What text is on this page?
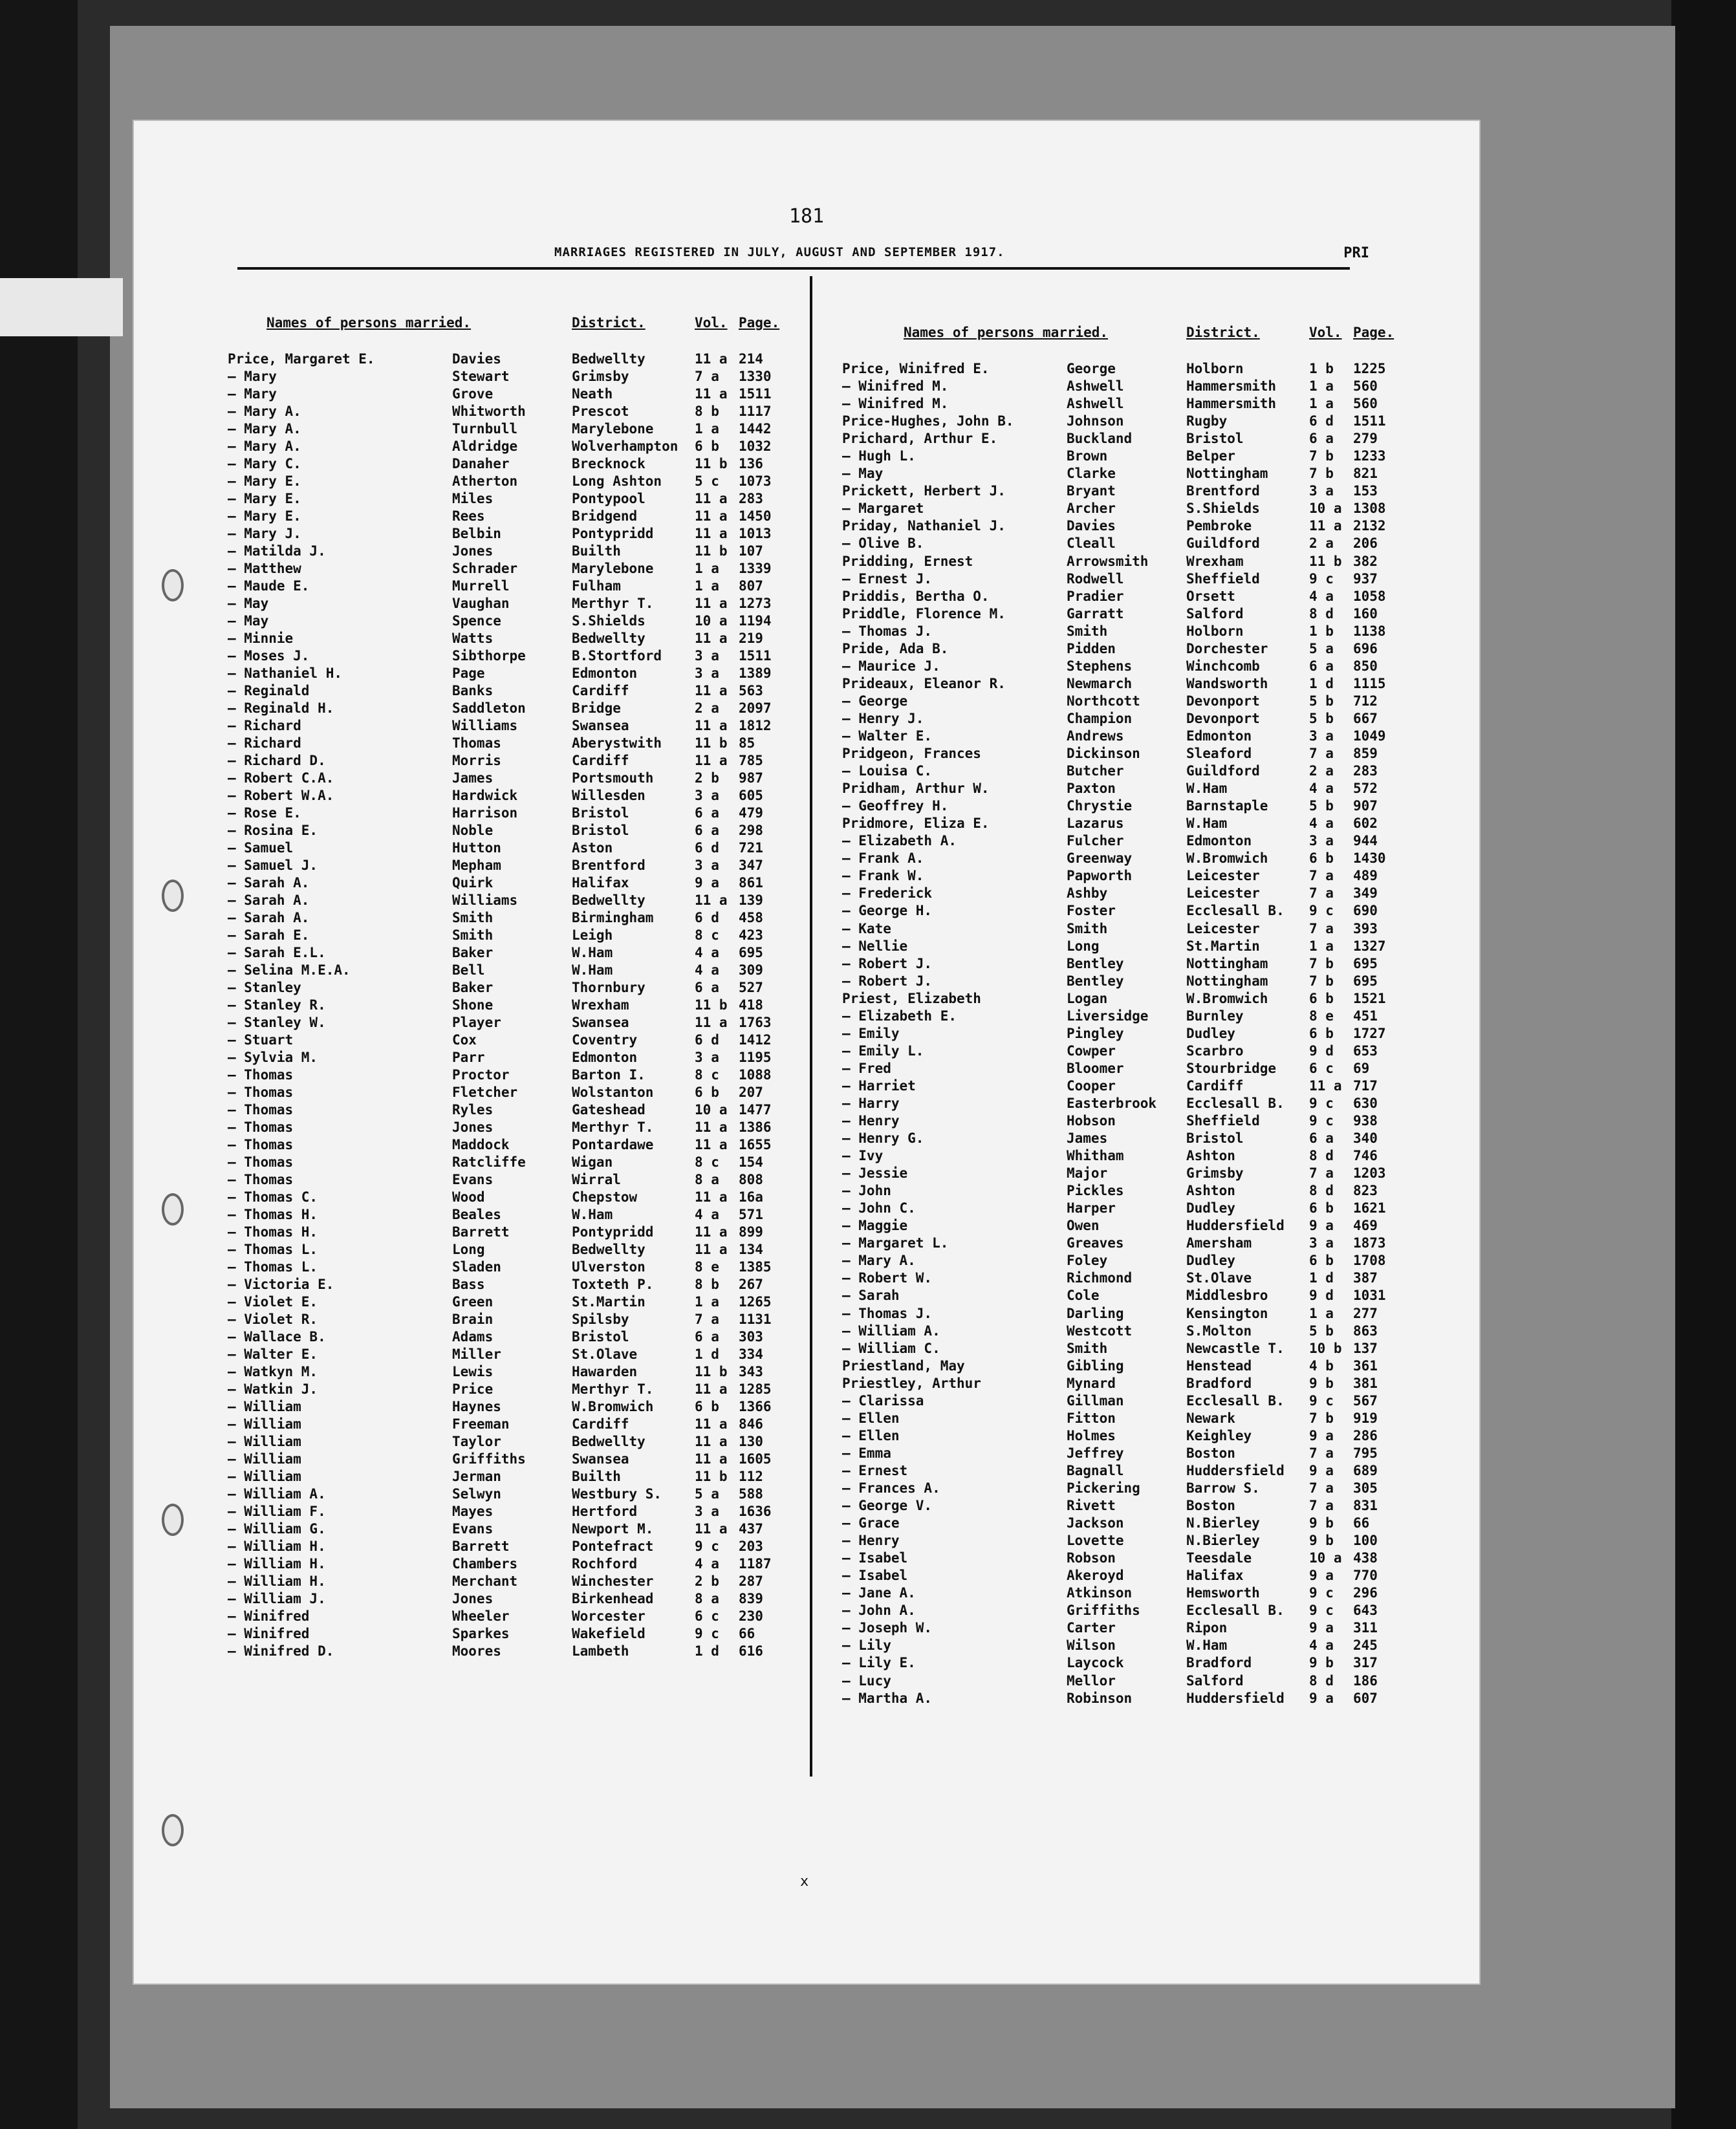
181
MARRIAGES REGISTERED IN JULY, AUGUST AND SEPTEMBER 1917.	PRI
Names of persons married.	District.	Vol. Page.
Price, Margaret E.	Davies	Bedwellty	11 a 214
— Mary	Stewart	Grimsby	7 a 1330
— Mary	Grove	Neath	11 a 1511
— Mary A.	Whitworth	Prescot	8 b 1117
— Mary A.	Turnbull	Marylebone	1 a 1442
— Mary A.	Aldridge	Wolverhampton 6 b 1032
— Mary C.	Danaher	Brecknock	11 b 136
— Mary E.	Atherton	Long Ashton 5 c 1073
— Mary E.	Miles	Pontypool	11 a 283
— Mary E.	Rees	Bridgend	11 a 1450
— Mary J.	Belbin	Pontypridd	11 a 1013
— Matilda J.	Jones	Builth	11 b 107
— Matthew	Schrader	Marylebone	1 a 1339
— Maude E.	Murrell	Fulham	1 a 807
— May	Vaughan	Merthyr T.	11 a 1273
— May	Spence	S.Shields	10 a 1194
— Minnie	Watts	Bedwellty	11 a 219
— Moses J.	Sibthorpe	B.Stortford 3 a 1511
— Nathaniel H.	Page	Edmonton	3 a 1389
— Reginald	Banks	Cardiff	11 a 563
— Reginald H.	Saddleton	Bridge	2 a 2097
— Richard	Williams	Swansea	11 a 1812
— Richard	Thomas	Aberystwith 11 b 85
— Richard D.	Morris	Cardiff	11 a 785
— Robert C.A.	James	Portsmouth	2 b 987
— Robert W.A.	Hardwick	Willesden	3 a 605
— Rose E.	Harrison	Bristol	6 a 479
— Rosina E.	Noble	Bristol	6 a 298
— Samuel	Hutton	Aston	6 d 721
— Samuel J.	Mepham	Brentford	3 a 347
— Sarah A.	Quirk	Halifax	9 a 861
— Sarah A.	Williams	Bedwellty	11 a 139
— Sarah A.	Smith	Birmingham	6 d 458
— Sarah E.	Smith	Leigh	8 c 423
— Sarah E.L.	Baker	W.Ham	4 a 695
— Selina M.E.A.	Bell	W.Ham	4 a 309
— Stanley	Baker	Thornbury	6 a 527
— Stanley R.	Shone	Wrexham	11 b 418
— Stanley W.	Player	Swansea	11 a 1763
— Stuart	Cox	Coventry	6 d 1412
— Sylvia M.	Parr	Edmonton	3 a 1195
— Thomas	Proctor	Barton I.	8 c 1088
— Thomas	Fletcher	Wolstanton	6 b 207
— Thomas	Ryles	Gateshead	10 a 1477
— Thomas	Jones	Merthyr T.	11 a 1386
— Thomas	Maddock	Pontardawe	11 a 1655
— Thomas	Ratcliffe	Wigan	8 c 154
— Thomas	Evans	Wirral	8 a 808
— Thomas C.	Wood	Chepstow	11 a 16a
— Thomas H.	Beales	W.Ham	4 a 571
— Thomas H.	Barrett	Pontypridd	11 a 899
— Thomas L.	Long	Bedwellty	11 a 134
— Thomas L.	Sladen	Ulverston	8 e 1385
— Victoria E.	Bass	Toxteth P.	8 b 267
— Violet E.	Green	St.Martin	1 a 1265
— Violet R.	Brain	Spilsby	7 a 1131
— Wallace B.	Adams	Bristol	6 a 303
— Walter E.	Miller	St.Olave	1 d 334
— Watkyn M.	Lewis	Hawarden	11 b 343
— Watkin J.	Price	Merthyr T.	11 a 1285
— William	Haynes	W.Bromwich	6 b 1366
— William	Freeman	Cardiff	11 a 846
— William	Taylor	Bedwellty	11 a 130
— William	Griffiths	Swansea	11 a 1605
— William	Jerman	Builth	11 b 112
— William A.	Selwyn	Westbury S. 5 a 588
— William F.	Mayes	Hertford	3 a 1636
— William G.	Evans	Newport M.	11 a 437
— William H.	Barrett	Pontefract	9 c 203
— William H.	Chambers	Rochford	4 a 1187
— William H.	Merchant	Winchester	2 b 287
— William J.	Jones	Birkenhead	8 a 839
— Winifred	Wheeler	Worcester	6 c 230
— Winifred	Sparkes	Wakefield	9 c 66
— Winifred D.	Moores	Lambeth	1 d 616
Names of persons married.	District.	Vol. Page.
Price, Winifred E.	George	Holborn	1 b 1225
— Winifred M.	Ashwell	Hammersmith 1 a 560
— Winifred M.	Ashwell	Hammersmith 1 a 560
Price-Hughes, John B.	Johnson	Rugby	6 d 1511
Prichard, Arthur E.	Buckland	Bristol	6 a 279
— Hugh L.	Brown	Belper	7 b 1233
— May	Clarke	Nottingham	7 b 821
Prickett, Herbert J.	Bryant	Brentford	3 a 153
— Margaret	Archer	S.Shields	10 a 1308
Priday, Nathaniel J.	Davies	Pembroke	11 a 2132
— Olive B.	Cleall	Guildford	2 a 206
Pridding, Ernest	Arrowsmith	Wrexham	11 b 382
— Ernest J.	Rodwell	Sheffield	9 c 937
Priddis, Bertha O.	Pradier	Orsett	4 a 1058
Priddle, Florence M.	Garratt	Salford	8 d 160
— Thomas J.	Smith	Holborn	1 b 1138
Pride, Ada B.	Pidden	Dorchester	5 a 696
— Maurice J.	Stephens	Winchcomb	6 a 850
Prideaux, Eleanor R.	Newmarch	Wandsworth	1 d 1115
— George	Northcott	Devonport	5 b 712
— Henry J.	Champion	Devonport	5 b 667
— Walter E.	Andrews	Edmonton	3 a 1049
Pridgeon, Frances	Dickinson	Sleaford	7 a 859
— Louisa C.	Butcher	Guildford	2 a 283
Pridham, Arthur W.	Paxton	W.Ham	4 a 572
— Geoffrey H.	Chrystie	Barnstaple	5 b 907
Pridmore, Eliza E.	Lazarus	W.Ham	4 a 602
— Elizabeth A.	Fulcher	Edmonton	3 a 944
— Frank A.	Greenway	W.Bromwich	6 b 1430
— Frank W.	Papworth	Leicester	7 a 489
— Frederick	Ashby	Leicester	7 a 349
— George H.	Foster	Ecclesall B. 9 c 690
— Kate	Smith	Leicester	7 a 393
— Nellie	Long	St.Martin	1 a 1327
— Robert J.	Bentley	Nottingham	7 b 695
— Robert J.	Bentley	Nottingham	7 b 695
Priest, Elizabeth	Logan	W.Bromwich	6 b 1521
— Elizabeth E.	Liversidge	Burnley	8 e 451
— Emily	Pingley	Dudley	6 b 1727
— Emily L.	Cowper	Scarbro	9 d 653
— Fred	Bloomer	Stourbridge 6 c 69
— Harriet	Cooper	Cardiff	11 a 717
— Harry	Easterbrook Ecclesall B. 9 c 630
— Henry	Hobson	Sheffield	9 c 938
— Henry G.	James	Bristol	6 a 340
— Ivy	Whitham	Ashton	8 d 746
— Jessie	Major	Grimsby	7 a 1203
— John	Pickles	Ashton	8 d 823
— John C.	Harper	Dudley	6 b 1621
— Maggie	Owen	Huddersfield 9 a 469
— Margaret L.	Greaves	Amersham	3 a 1873
— Mary A.	Foley	Dudley	6 b 1708
— Robert W.	Richmond	St.Olave	1 d 387
— Sarah	Cole	Middlesbro	9 d 1031
— Thomas J.	Darling	Kensington	1 a 277
— William A.	Westcott	S.Molton	5 b 863
— William C.	Smith	Newcastle T. 10 b 137
Priestland, May	Gibling	Henstead	4 b 361
Priestley, Arthur	Mynard	Bradford	9 b 381
— Clarissa	Gillman	Ecclesall B. 9 c 567
— Ellen	Fitton	Newark	7 b 919
— Ellen	Holmes	Keighley	9 a 286
— Emma	Jeffrey	Boston	7 a 795
— Ernest	Bagnall	Huddersfield 9 a 689
— Frances A.	Pickering	Barrow S.	7 a 305
— George V.	Rivett	Boston	7 a 831
— Grace	Jackson	N.Bierley	9 b 66
— Henry	Lovette	N.Bierley	9 b 100
— Isabel	Robson	Teesdale	10 a 438
— Isabel	Akeroyd	Halifax	9 a 770
— Jane A.	Atkinson	Hemsworth	9 c 296
— John A.	Griffiths	Ecclesall B. 9 c 643
— Joseph W.	Carter	Ripon	9 a 311
— Lily	Wilson	W.Ham	4 a 245
— Lily E.	Laycock	Bradford	9 b 317
— Lucy	Mellor	Salford	8 d 186
— Martha A.	Robinson	Huddersfield 9 a 607
x
